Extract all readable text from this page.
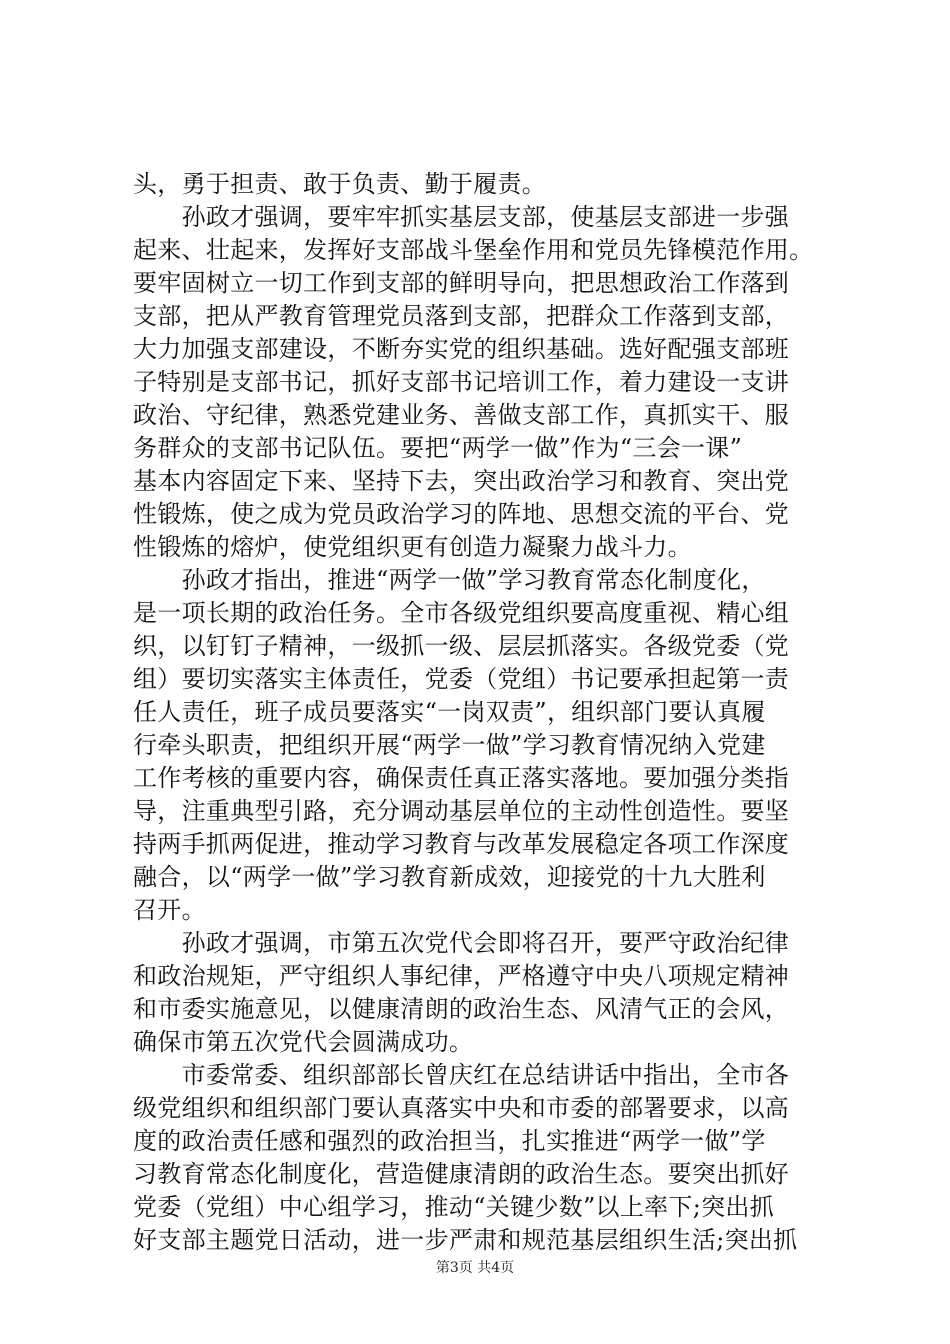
头，勇于担责、敢于负责、勤于履责。
　　孙政才强调，要牢牢抓实基层支部，使基层支部进一步强
起来、壮起来，发挥好支部战斗堡垒作用和党员先锋模范作用。
要牢固树立一切工作到支部的鲜明导向，把思想政治工作落到
支部，把从严教育管理党员落到支部，把群众工作落到支部，
大力加强支部建设，不断夯实党的组织基础。选好配强支部班
子特别是支部书记，抓好支部书记培训工作，着力建设一支讲
政治、守纪律，熟悉党建业务、善做支部工作，真抓实干、服
务群众的支部书记队伍。要把“两学一做”作为“三会一课”
基本内容固定下来、坚持下去，突出政治学习和教育、突出党
性锻炼，使之成为党员政治学习的阵地、思想交流的平台、党
性锻炼的熔炉，使党组织更有创造力凝聚力战斗力。
　　孙政才指出，推进“两学一做”学习教育常态化制度化，
是一项长期的政治任务。全市各级党组织要高度重视、精心组
织，以钉钉子精神，一级抓一级、层层抓落实。各级党委（党
组）要切实落实主体责任，党委（党组）书记要承担起第一责
任人责任，班子成员要落实“一岗双责”，组织部门要认真履
行牵头职责，把组织开展“两学一做”学习教育情况纳入党建
工作考核的重要内容，确保责任真正落实落地。要加强分类指
导，注重典型引路，充分调动基层单位的主动性创造性。要坚
持两手抓两促进，推动学习教育与改革发展稳定各项工作深度
融合，以“两学一做”学习教育新成效，迎接党的十九大胜利
召开。
　　孙政才强调，市第五次党代会即将召开，要严守政治纪律
和政治规矩，严守组织人事纪律，严格遵守中央八项规定精神
和市委实施意见，以健康清朗的政治生态、风清气正的会风，
确保市第五次党代会圆满成功。
　　市委常委、组织部部长曾庆红在总结讲话中指出，全市各
级党组织和组织部门要认真落实中央和市委的部署要求，以高
度的政治责任感和强烈的政治担当，扎实推进“两学一做”学
习教育常态化制度化，营造健康清朗的政治生态。要突出抓好
党委（党组）中心组学习，推动“关键少数”以上率下;突出抓
好支部主题党日活动，进一步严肃和规范基层组织生活;突出抓
第3页 共4页
